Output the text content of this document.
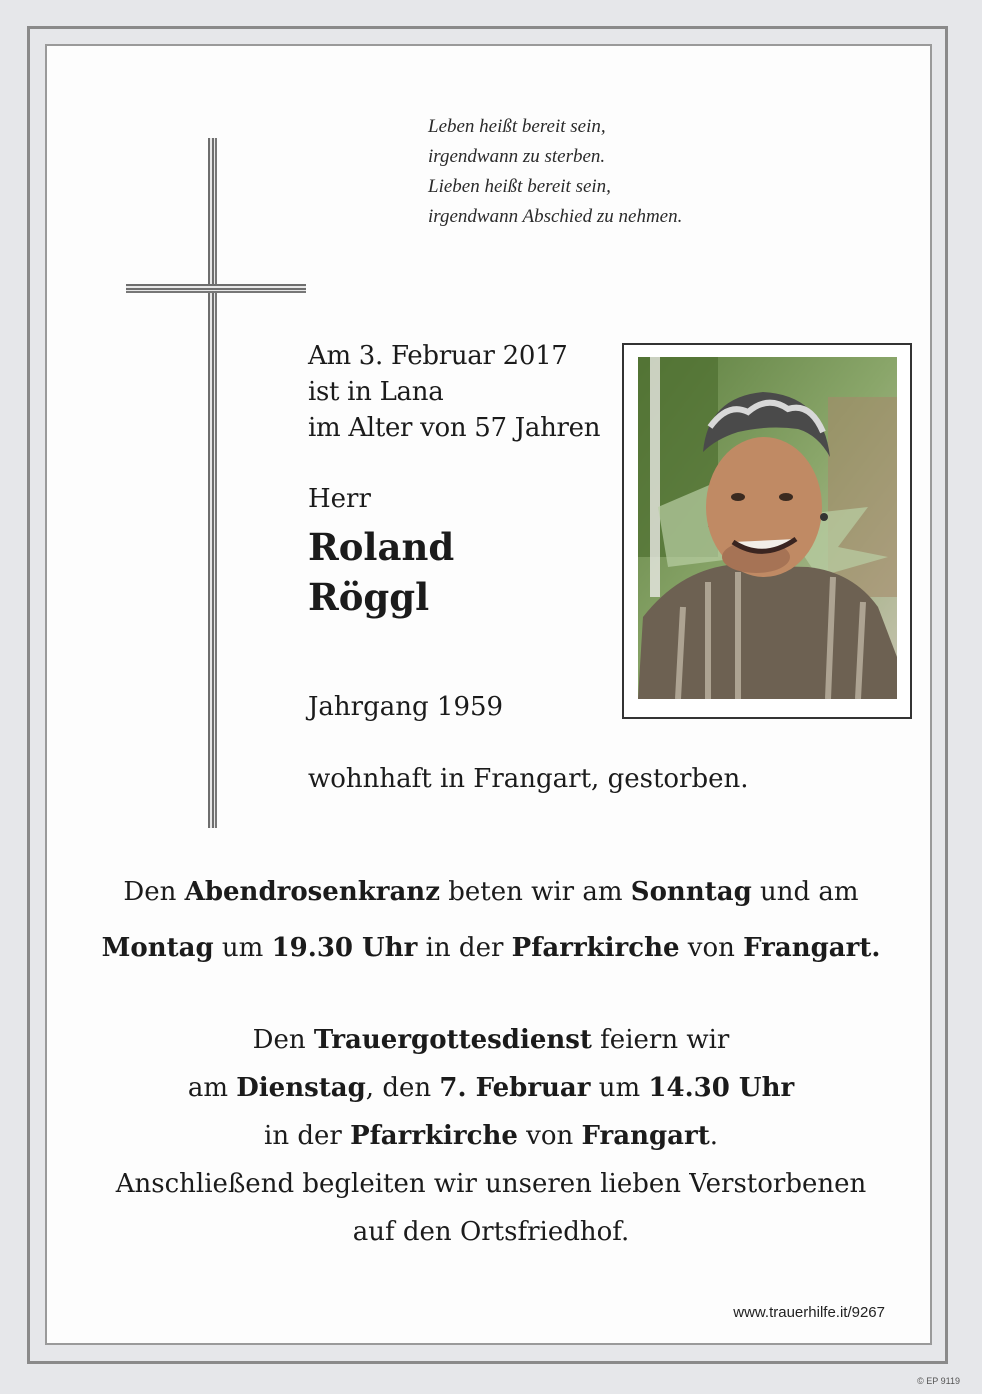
Leben heißt bereit sein,
irgendwann zu sterben.
Lieben heißt bereit sein,
irgendwann Abschied zu nehmen.
Am 3. Februar 2017
ist in Lana
im Alter von 57 Jahren
Herr
Roland
Röggl
Jahrgang 1959
wohnhaft in Frangart, gestorben.
Den Abendrosenkranz beten wir am Sonntag und am
Montag um 19.30 Uhr in der Pfarrkirche von Frangart.
Den Trauergottesdienst feiern wir
am Dienstag, den 7. Februar um 14.30 Uhr
in der Pfarrkirche von Frangart.
Anschließend begleiten wir unseren lieben Verstorbenen
auf den Ortsfriedhof.
www.trauerhilfe.it/9267
© EP 9119
